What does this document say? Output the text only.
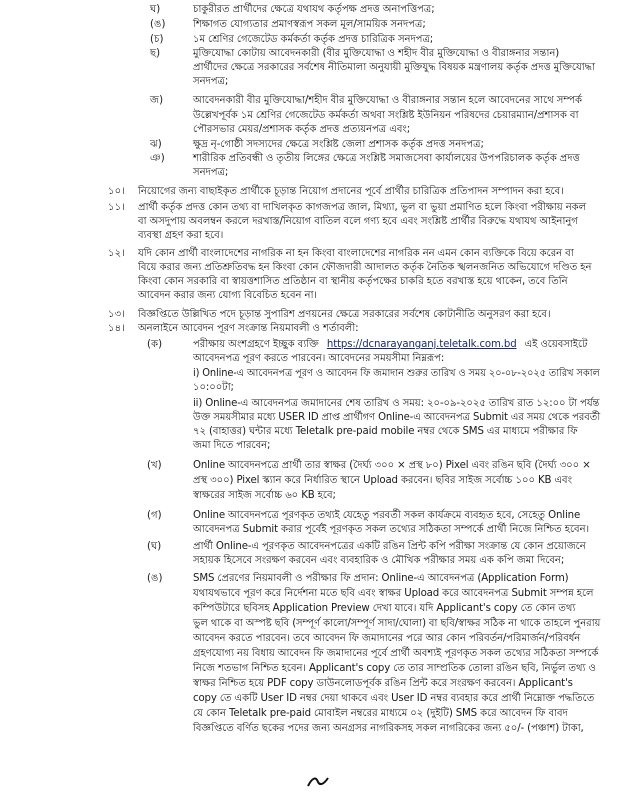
ঘ)	চাকুরীরত প্রার্থীদের ক্ষেত্রে যথাযথ কর্তৃপক্ষ প্রদত্ত অনাপত্তিপত্র;
(ঙ)	শিক্ষাগত যোগ্যতার প্রমাণস্বরূপ সকল মূল/সাময়িক সনদপত্র;
(চ)	১ম শ্রেণির গেজেটেড কর্মকর্তা কর্তৃক প্রদত্ত চারিত্রিক সনদপত্র;
ছ)	মুক্তিযোদ্ধা কোটায় আবেদনকারী (বীর মুক্তিযোদ্ধা ও শহীদ বীর মুক্তিযোদ্ধা ও বীরাঙ্গনার সন্তান)
প্রার্থীদের ক্ষেত্রে সরকারের সর্বশেষ নীতিমালা অনুযায়ী মুক্তিযুদ্ধ বিষয়ক মন্ত্রণালয় কর্তৃক প্রদত্ত মুক্তিযোদ্ধা
সনদপত্র;
জ)	আবেদনকারী বীর মুক্তিযোদ্ধা/শহীদ বীর মুক্তিযোদ্ধা ও বীরাঙ্গনার সন্তান হলে আবেদনের সাথে সম্পর্ক
উল্লেখপূর্বক ১ম শ্রেণির গেজেটেড কর্মকর্তা অথবা সংশ্লিষ্ট ইউনিয়ন পরিষদের চেয়ারম্যান/প্রশাসক বা
পৌরসভার মেয়র/প্রশাসক কর্তৃক প্রদত্ত প্রত্যয়নপত্র এবং;
ঝ)	ক্ষুদ্র নৃ-গোষ্ঠী সদস্যদের ক্ষেত্রে সংশ্লিষ্ট জেলা প্রশাসক কর্তৃক প্রদত্ত সনদপত্র;
ঞ)	শারীরিক প্রতিবন্ধী ও তৃতীয় লিঙ্গের ক্ষেত্রে সংশ্লিষ্ট সমাজসেবা কার্যালয়ের উপপরিচালক কর্তৃক প্রদত্ত
সনদপত্র;
১০। নিয়োগের জন্য বাছাইকৃত প্রার্থীকে চূড়ান্ত নিয়োগ প্রদানের পূর্বে প্রার্থীর চারিত্রিক প্রতিপাদন সম্পাদন করা হবে।
১১। প্রার্থী কর্তৃক প্রদত্ত কোন তথ্য বা দাখিলকৃত কাগজপত্র জাল, মিথ্যা, ভুল বা ভুয়া প্রমাণিত হলে কিংবা পরীক্ষায় নকল
বা অসদুপায় অবলম্বন করলে দরখাস্ত/নিয়োগ বাতিল বলে গণ্য হবে এবং সংশ্লিষ্ট প্রার্থীর বিরুদ্ধে যথাযথ আইনানুগ
ব্যবস্থা গ্রহণ করা হবে।
১২। যদি কোন প্রার্থী বাংলাদেশের নাগরিক না হন কিংবা বাংলাদেশের নাগরিক নন এমন কোন ব্যক্তিকে বিয়ে করেন বা
বিয়ে করার জন্য প্রতিশ্রুতিবদ্ধ হন কিংবা কোন ফৌজদারী আদালত কর্তৃক নৈতিক স্খলনজনিত অভিযোগে দণ্ডিত হন
কিংবা কোন সরকারি বা স্বায়ত্তশাসিত প্রতিষ্ঠান বা স্থানীয় কর্তৃপক্ষের চাকরি হতে বরখাস্ত হয়ে থাকেন, তবে তিনি
আবেদন করার জন্য যোগ্য বিবেচিত হবেন না।
১৩। বিজ্ঞপ্তিতে উল্লিখিত পদে চূড়ান্ত সুপারিশ প্রণয়নের ক্ষেত্রে সরকারের সর্বশেষ কোটানীতি অনুসরণ করা হবে।
১৪। অনলাইনে আবেদন পূরণ সংক্রান্ত নিয়মাবলী ও শর্তাবলী:
(ক)	পরীক্ষায় অংশগ্রহণে ইচ্ছুক ব্যক্তি https://dcnarayanganj.teletalk.com.bd এই ওয়েবসাইটে
আবেদনপত্র পূরণ করতে পারবেন। আবেদনের সময়সীমা নিম্নরূপ:
i) Online-এ আবেদনপত্র পূরণ ও আবেদন ফি জমাদান শুরুর তারিখ ও সময় ২০-০৮-২০২৫ তারিখ সকাল
১০:০০টা;
ii) Online-এ আবেদনপত্র জমাদানের শেষ তারিখ ও সময়: ২০-০৯-২০২৫ তারিখ রাত ১২:০০ টা পর্যন্ত
উক্ত সময়সীমার মধ্যে USER ID প্রাপ্ত প্রার্থীগণ Online-এ আবেদনপত্র Submit এর সময় থেকে পরবর্তী
৭২ (বাহাত্তর) ঘন্টার মধ্যে Teletalk pre-paid mobile নম্বর থেকে SMS এর মাধ্যমে পরীক্ষার ফি
জমা দিতে পারবেন;
(খ)	Online আবেদনপত্রে প্রার্থী তার স্বাক্ষর (দৈর্ঘ্য ৩০০ × প্রস্থ ৮০) Pixel এবং রঙিন ছবি (দৈর্ঘ্য ৩০০ ×
প্রস্থ ৩০০) Pixel স্ক্যান করে নির্ধারিত স্থানে Upload করবেন। ছবির সাইজ সর্বোচ্চ ১০০ KB এবং
স্বাক্ষরের সাইজ সর্বোচ্চ ৬০ KB হবে;
(গ)	Online আবেদনপত্রে পূরণকৃত তথ্যই যেহেতু পরবর্তী সকল কার্যক্রমে ব্যবহৃত হবে, সেহেতু Online
আবেদনপত্র Submit করার পূর্বেই পূরণকৃত সকল তথ্যের সঠিকতা সম্পর্কে প্রার্থী নিজে নিশ্চিত হবেন।
(ঘ)	প্রার্থী Online-এ পূরণকৃত আবেদনপত্রের একটি রঙিন প্রিন্ট কপি পরীক্ষা সংক্রান্ত যে কোন প্রয়োজনে
সহায়ক হিসেবে সংরক্ষণ করবেন এবং ব্যবহারিক ও মৌখিক পরীক্ষার সময় এক কপি জমা দিবেন;
(ঙ)	SMS প্রেরণের নিয়মাবলী ও পরীক্ষার ফি প্রদান: Online-এ আবেদনপত্র (Application Form)
যথাযথভাবে পূরণ করে নির্দেশনা মতে ছবি এবং স্বাক্ষর Upload করে আবেদনপত্র Submit সম্পন্ন হলে
কম্পিউটারে ছবিসহ Application Preview দেখা যাবে। যদি Applicant's copy তে কোন তথ্য
ভুল থাকে বা অস্পষ্ট ছবি (সম্পূর্ণ কালো/সম্পূর্ণ সাদা/ঘোলা) বা ছবি/স্বাক্ষর সঠিক না থাকে তাহলে পুনরায়
আবেদন করতে পারবেন। তবে আবেদন ফি জমাদানের পরে আর কোন পরিবর্তন/পরিমার্জন/পরিবর্ধন
গ্রহণযোগ্য নয় বিধায় আবেদন ফি জমাদানের পূর্বে প্রার্থী অবশ্যই পূরণকৃত সকল তথ্যের সঠিকতা সম্পর্কে
নিজে শতভাগ নিশ্চিত হবেন। Applicant's copy তে তার সাম্প্রতিক তোলা রঙিন ছবি, নির্ভুল তথ্য ও
স্বাক্ষর নিশ্চিত হয়ে PDF copy ডাউনলোডপূর্বক রঙিন প্রিন্ট করে সংরক্ষণ করবেন। Applicant's
copy তে একটি User ID নম্বর দেয়া থাকবে এবং User ID নম্বর ব্যবহার করে প্রার্থী নিম্নোক্ত পদ্ধতিতে
যে কোন Teletalk pre-paid মোবাইল নম্বরের মাধ্যমে ০২ (দুইটি) SMS করে আবেদন ফি বাবদ
বিজ্ঞপ্তিতে বর্ণিত ছকের পদের জন্য অনগ্রসর নাগরিকসহ সকল নাগরিকের জন্য ৫০/- (পঞ্চাশ) টাকা,
